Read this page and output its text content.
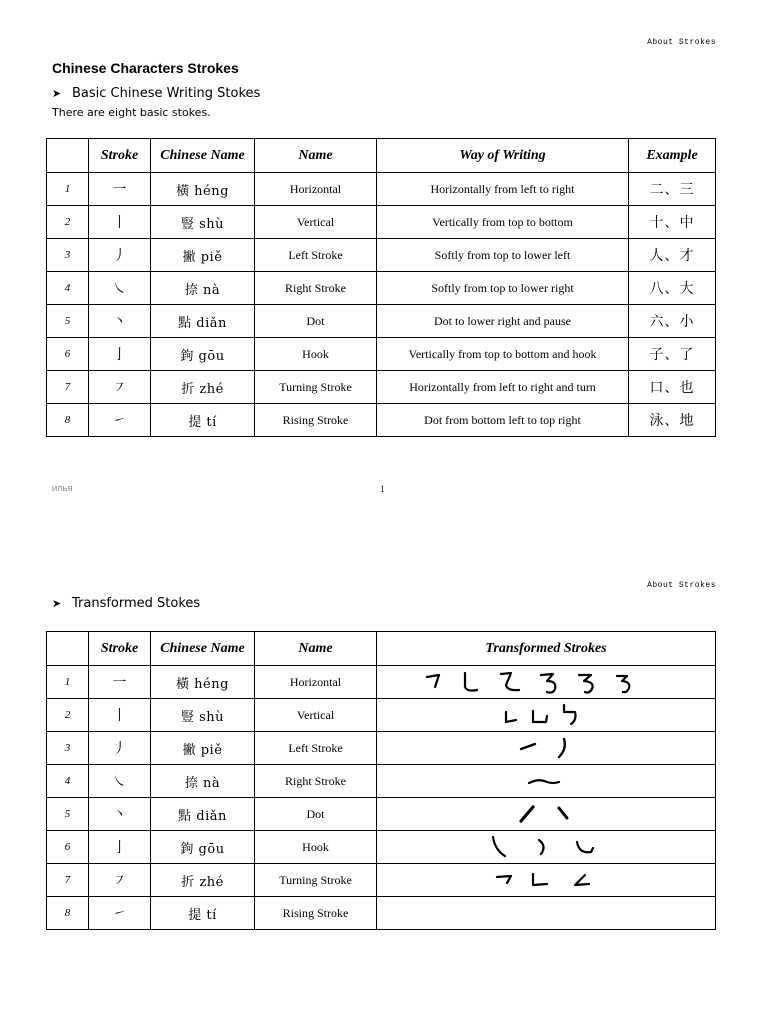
About Strokes
Chinese Characters Strokes
➤ Basic Chinese Writing Stokes
There are eight basic stokes.
	Stroke	Chinese Name	Name	Way of Writing	Example
1	一	橫 héng	Horizontal	Horizontally from left to right	二、三
2	丨	豎 shù	Vertical	Vertically from top to bottom	十、中
3	丿	撇 piě	Left Stroke	Softly from top to lower left	人、才
4	㇏	捺 nà	Right Stroke	Softly from top to lower right	八、大
5	丶	點 diǎn	Dot	Dot to lower right and pause	六、小
6	亅	鉤 gōu	Hook	Vertically from top to bottom and hook	子、了
7	㇇	折 zhé	Turning Stroke	Horizontally from left to right and turn	口、也
8	㇀	提 tí	Rising Stroke	Dot from bottom left to top right	泳、地
ИЛЬЯ	1
About Strokes
➤ Transformed Stokes
	Stroke	Chinese Name	Name	Transformed Strokes
1	一	橫 héng	Horizontal	

2	丨	豎 shù	Vertical	

3	丿	撇 piě	Left Stroke	

4	㇏	捺 nà	Right Stroke	

5	丶	點 diǎn	Dot	

6	亅	鉤 gōu	Hook	

7	㇇	折 zhé	Turning Stroke	

8	㇀	提 tí	Rising Stroke	
